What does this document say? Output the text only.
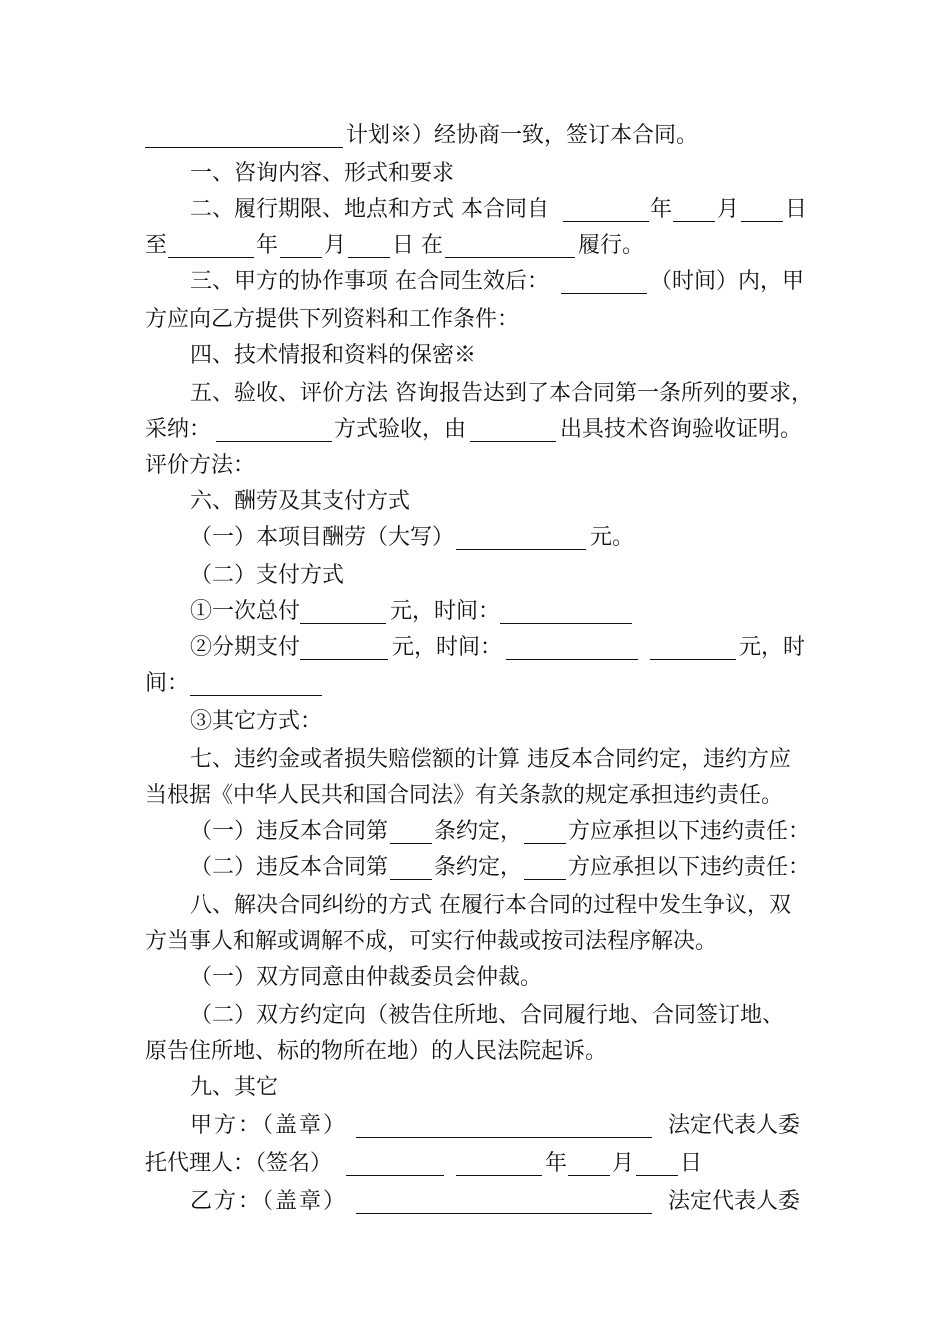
计划※）经协商一致，签订本合同。
一、咨询内容、形式和要求
二、履行期限、地点和方式 本合同自	年 月 日
至	年 月 日 在	履行。
三、甲方的协作事项 在合同生效后：	（时间）内，甲
方应向乙方提供下列资料和工作条件：
四、技术情报和资料的保密※
五、验收、评价方法 咨询报告达到了本合同第一条所列的要求，
采纳：	方式验收，由	出具技术咨询验收证明。
评价方法：
六、酬劳及其支付方式
（一）本项目酬劳（大写）	元。
（二）支付方式
①一次总付	元，时间：
②分期支付	元，时间：	元，时
间：
③其它方式：
七、违约金或者损失赔偿额的计算 违反本合同约定，违约方应
当根据《中华人民共和国合同法》有关条款的规定承担违约责任。
（一）违反本合同第 条约定， 方应承担以下违约责任：
（二）违反本合同第 条约定， 方应承担以下违约责任：
八、解决合同纠纷的方式 在履行本合同的过程中发生争议，双
方当事人和解或调解不成，可实行仲裁或按司法程序解决。
（一）双方同意由仲裁委员会仲裁。
（二）双方约定向（被告住所地、合同履行地、合同签订地、
原告住所地、标的物所在地）的人民法院起诉。
九、其它
甲方：（盖章）	法定代表人委
托代理人：（签名）	年 月 日
乙方：（盖章）	法定代表人委
